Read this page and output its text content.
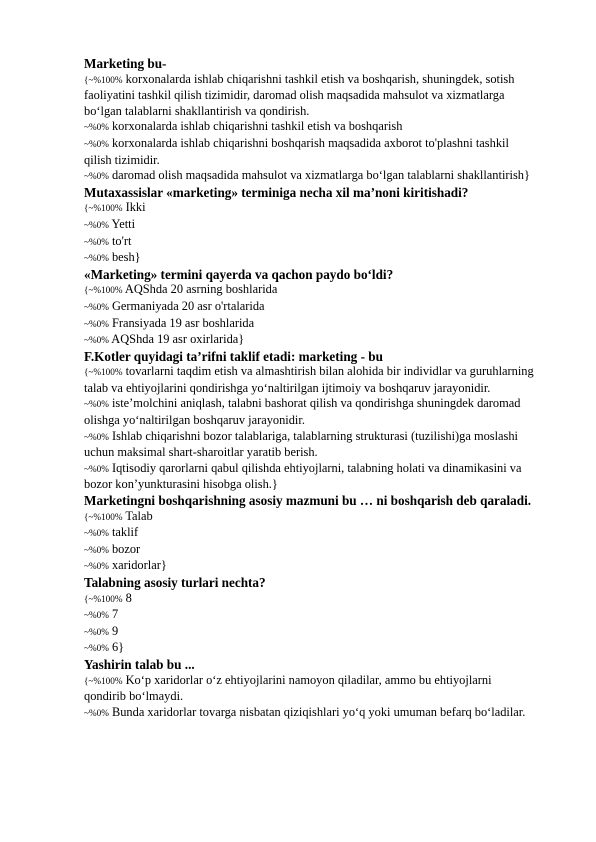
Marketing bu-

{~%100% korxonalarda ishlab chiqarishni tashkil etish va boshqarish, shuningdek, sotish faoliyatini tashkil qilish tizimidir, daromad olish maqsadida mahsulot va xizmatlarga bo‘lgan talablarni shakllantirish va qondirish.

~%0% korxonalarda ishlab chiqarishni tashkil etish va boshqarish

~%0% korxonalarda ishlab chiqarishni boshqarish maqsadida axborot to'plashni tashkil qilish tizimidir.

~%0% daromad olish maqsadida mahsulot va xizmatlarga bo‘lgan talablarni shakllantirish}

Mutaxassislar «marketing» terminiga necha xil ma’noni kiritishadi?

{~%100% Ikki

~%0% Yetti

~%0% to'rt

~%0% besh}

«Marketing» termini qayerda va qachon paydo bo‘ldi?

{~%100% AQShda 20 asrning boshlarida

~%0% Germaniyada 20 asr o'rtalarida

~%0% Fransiyada 19 asr boshlarida

~%0% AQShda 19 asr oxirlarida}

F.Kotler quyidagi ta’rifni taklif etadi: marketing - bu

{~%100% tovarlarni taqdim etish va almashtirish bilan alohida bir individlar va guruhlarning talab va ehtiyojlarini qondirishga yo‘naltirilgan ijtimoiy va boshqaruv jarayonidir.

~%0% iste’molchini aniqlash, talabni bashorat qilish va qondirishga shuningdek daromad olishga yo‘naltirilgan boshqaruv jarayonidir.

~%0% Ishlab chiqarishni bozor talablariga, talablarning strukturasi (tuzilishi)ga moslashi uchun maksimal shart-sharoitlar yaratib berish.

~%0% Iqtisodiy qarorlarni qabul qilishda ehtiyojlarni, talabning holati va dinamikasini va bozor kon’yunkturasini hisobga olish.}

Marketingni boshqarishning asosiy mazmuni bu … ni boshqarish deb qaraladi.

{~%100% Talab

~%0% taklif

~%0% bozor

~%0% xaridorlar}

Talabning asosiy turlari nechta?

{~%100% 8

~%0% 7

~%0% 9

~%0% 6}

Yashirin talab bu ...

{~%100% Ko‘p xaridorlar o‘z ehtiyojlarini namoyon qiladilar, ammo bu ehtiyojlarni qondirib bo‘lmaydi.

~%0% Bunda xaridorlar tovarga nisbatan qiziqishlari yo‘q yoki umuman befarq bo‘ladilar.
